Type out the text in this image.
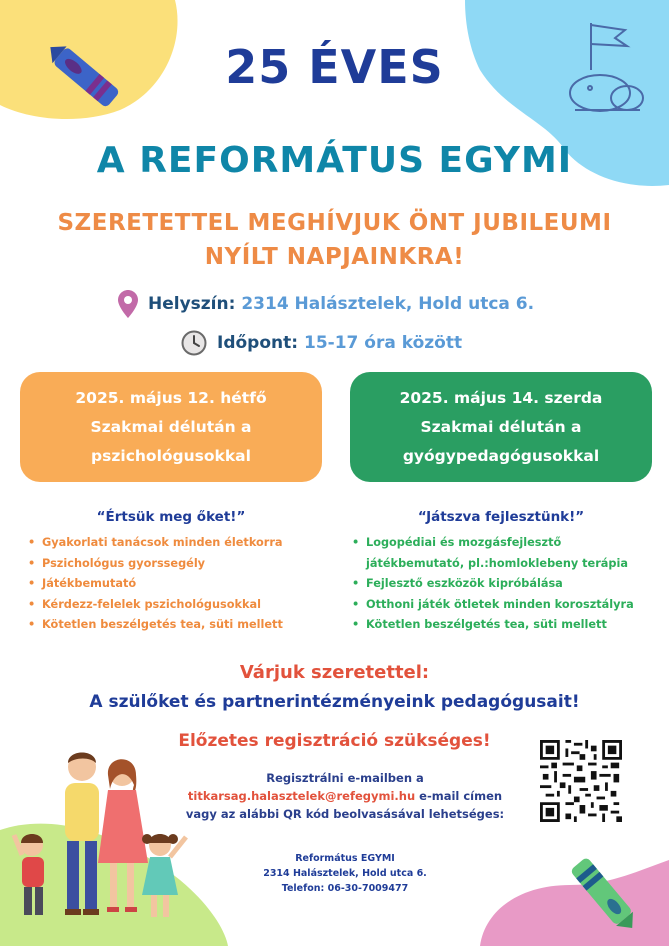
25 ÉVES
A REFORMÁTUS EGYMI
SZERETETTEL MEGHÍVJUK ÖNT JUBILEUMI
NYÍLT NAPJAINKRA!
Helyszín : 2314 Halásztelek, Hold utca 6.
Időpont : 15-17 óra között
2025. május 12. hétfő
Szakmai délután a
pszichológusokkal
2025. május 14. szerda
Szakmai délután a
gyógypedagógusokkal
“Értsük meg őket!”	“Játszva fejlesztünk!”
• Gyakorlati tanácsok minden életkorra
• Pszichológus gyorssegély
• Játékbemutató
• Kérdezz-felelek pszichológusokkal
• Kötetlen beszélgetés tea, süti mellett
• Logopédiai és mozgásfejlesztő játékbemutató, pl.:homloklebeny terápia
• Fejlesztő eszközök kipróbálása
• Otthoni játék ötletek minden korosztályra
• Kötetlen beszélgetés tea, süti mellett
Várjuk szeretettel:
A szülőket és partnerintézményeink pedagógusait!
Előzetes regisztráció szükséges!
Regisztrálni e-mailben a
titkarsag.halasztelek@refegymi.hu e-mail címen
vagy az alábbi QR kód beolvasásával lehetséges:
Református EGYMI
2314 Halásztelek, Hold utca 6.
Telefon: 06-30-7009477
